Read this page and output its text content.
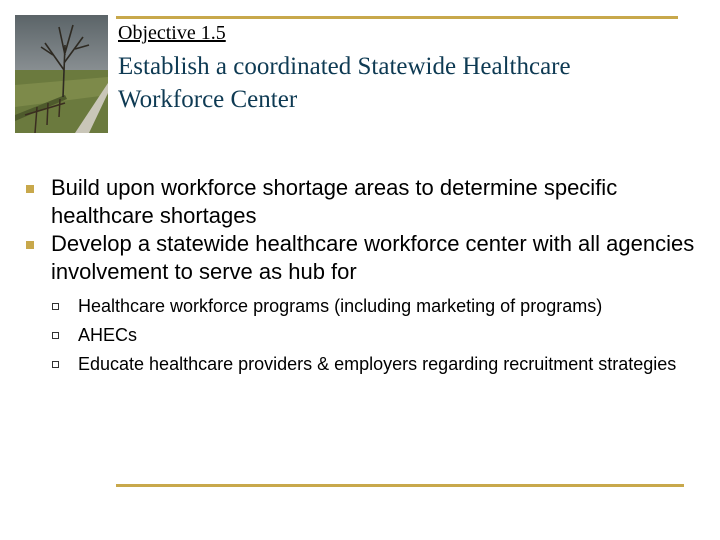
Objective 1.5
Establish a coordinated Statewide Healthcare Workforce Center
Build upon workforce shortage areas to determine specific healthcare shortages
Develop a statewide healthcare workforce center with all agencies involvement to serve as hub for
Healthcare workforce programs (including marketing of programs)
AHECs
Educate healthcare providers & employers regarding recruitment strategies
